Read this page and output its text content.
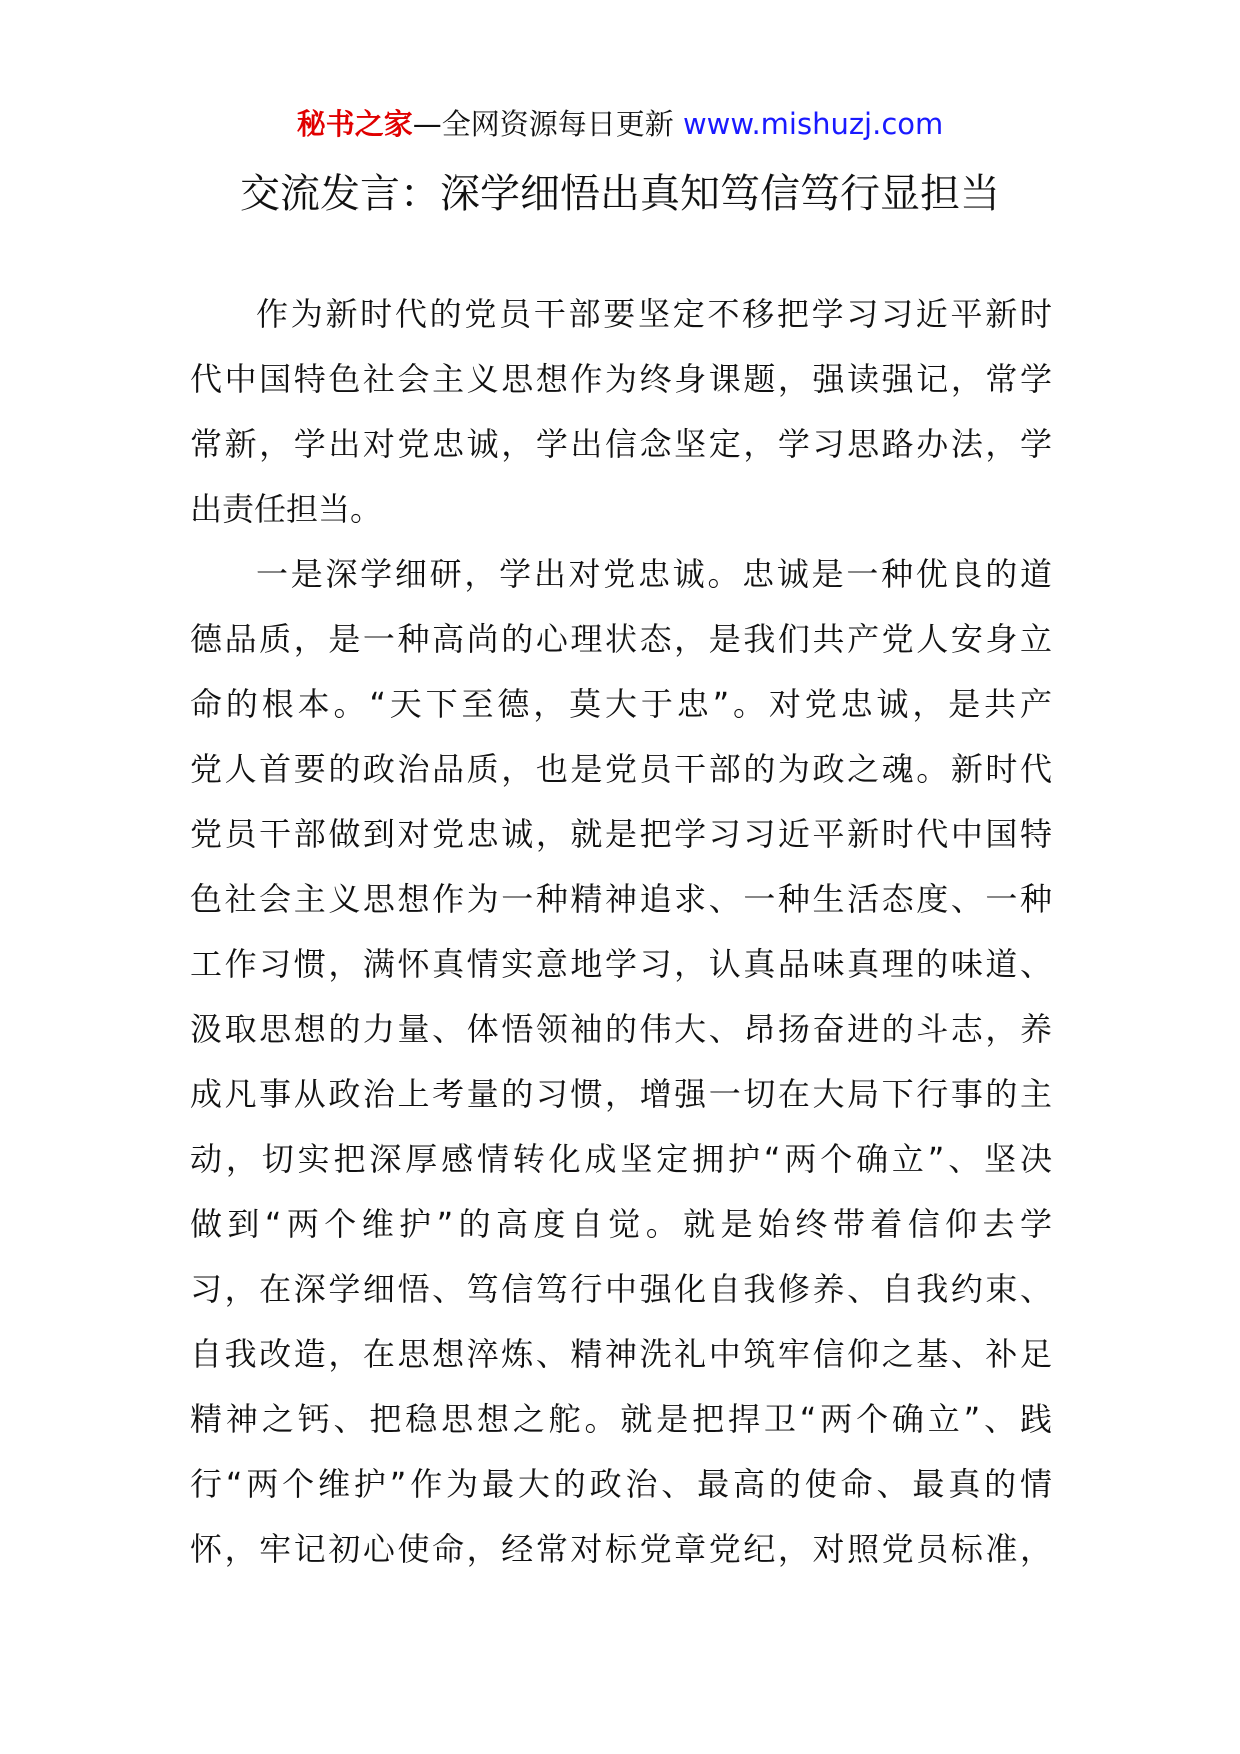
秘书之家—全网资源每日更新 www.mishuzj.com
交流发言：深学细悟出真知笃信笃行显担当
作为新时代的党员干部要坚定不移把学习习近平新时
代中国特色社会主义思想作为终身课题，强读强记，常学
常新，学出对党忠诚，学出信念坚定，学习思路办法，学
出责任担当。
一是深学细研，学出对党忠诚。忠诚是一种优良的道
德品质，是一种高尚的心理状态，是我们共产党人安身立
命的根本。“天下至德，莫大于忠”。对党忠诚，是共产
党人首要的政治品质，也是党员干部的为政之魂。新时代
党员干部做到对党忠诚，就是把学习习近平新时代中国特
色社会主义思想作为一种精神追求、一种生活态度、一种
工作习惯，满怀真情实意地学习，认真品味真理的味道、
汲取思想的力量、体悟领袖的伟大、昂扬奋进的斗志，养
成凡事从政治上考量的习惯，增强一切在大局下行事的主
动，切实把深厚感情转化成坚定拥护“两个确立”、坚决
做到“两个维护”的高度自觉。就是始终带着信仰去学
习，在深学细悟、笃信笃行中强化自我修养、自我约束、
自我改造，在思想淬炼、精神洗礼中筑牢信仰之基、补足
精神之钙、把稳思想之舵。就是把捍卫“两个确立”、践
行“两个维护”作为最大的政治、最高的使命、最真的情
怀，牢记初心使命，经常对标党章党纪，对照党员标准，
